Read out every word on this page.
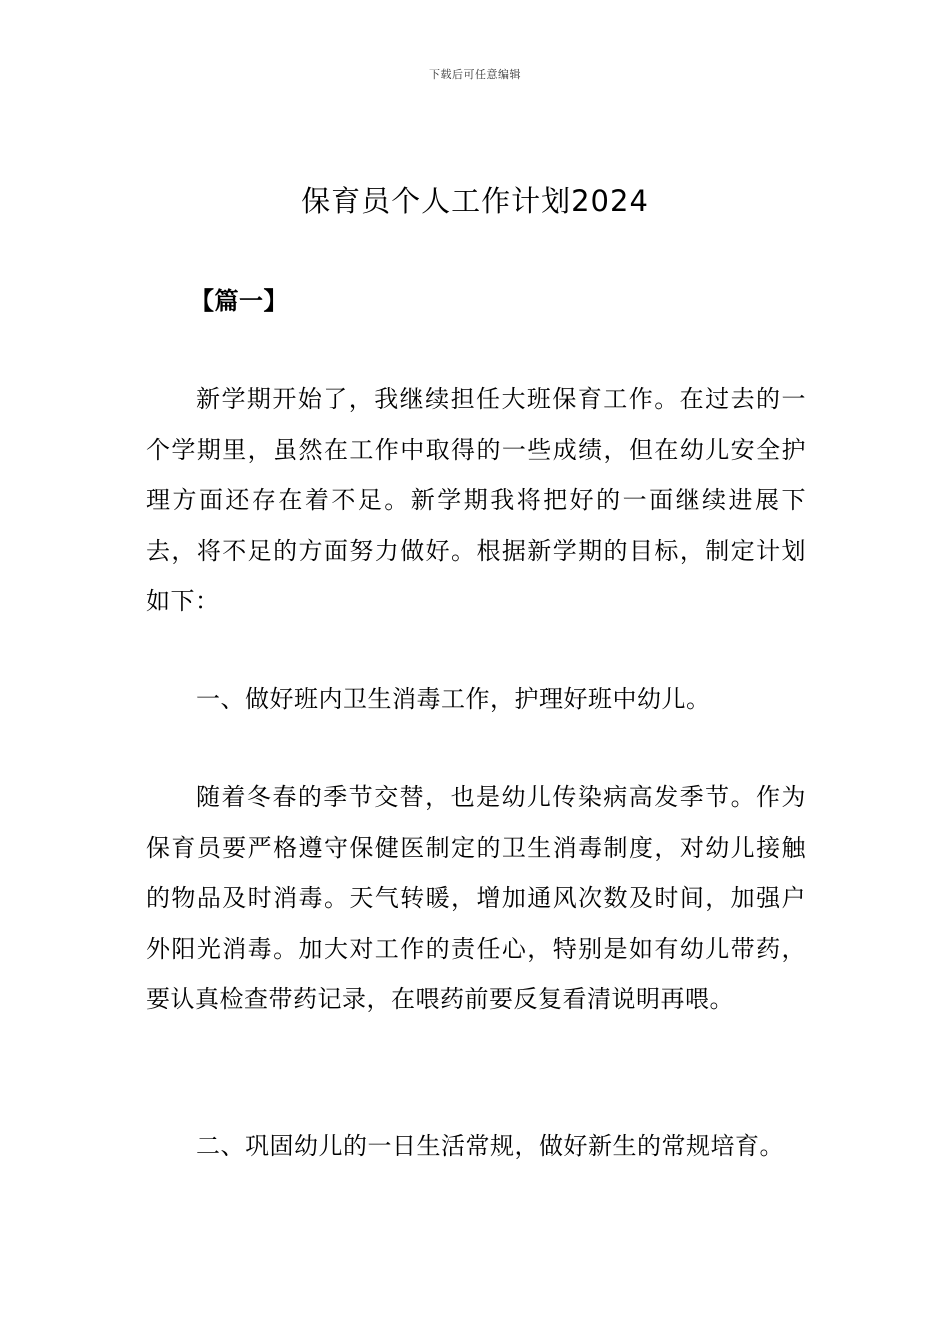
下载后可任意编辑
保育员个人工作计划2024

【篇一】

新学期开始了，我继续担任大班保育工作。在过去的一个学期里，虽然在工作中取得的一些成绩，但在幼儿安全护理方面还存在着不足。新学期我将把好的一面继续进展下去，将不足的方面努力做好。根据新学期的目标，制定计划如下：

一、做好班内卫生消毒工作，护理好班中幼儿。

随着冬春的季节交替，也是幼儿传染病高发季节。作为保育员要严格遵守保健医制定的卫生消毒制度，对幼儿接触的物品及时消毒。天气转暖，增加通风次数及时间，加强户外阳光消毒。加大对工作的责任心，特别是如有幼儿带药，要认真检查带药记录，在喂药前要反复看清说明再喂。

二、巩固幼儿的一日生活常规，做好新生的常规培育。
